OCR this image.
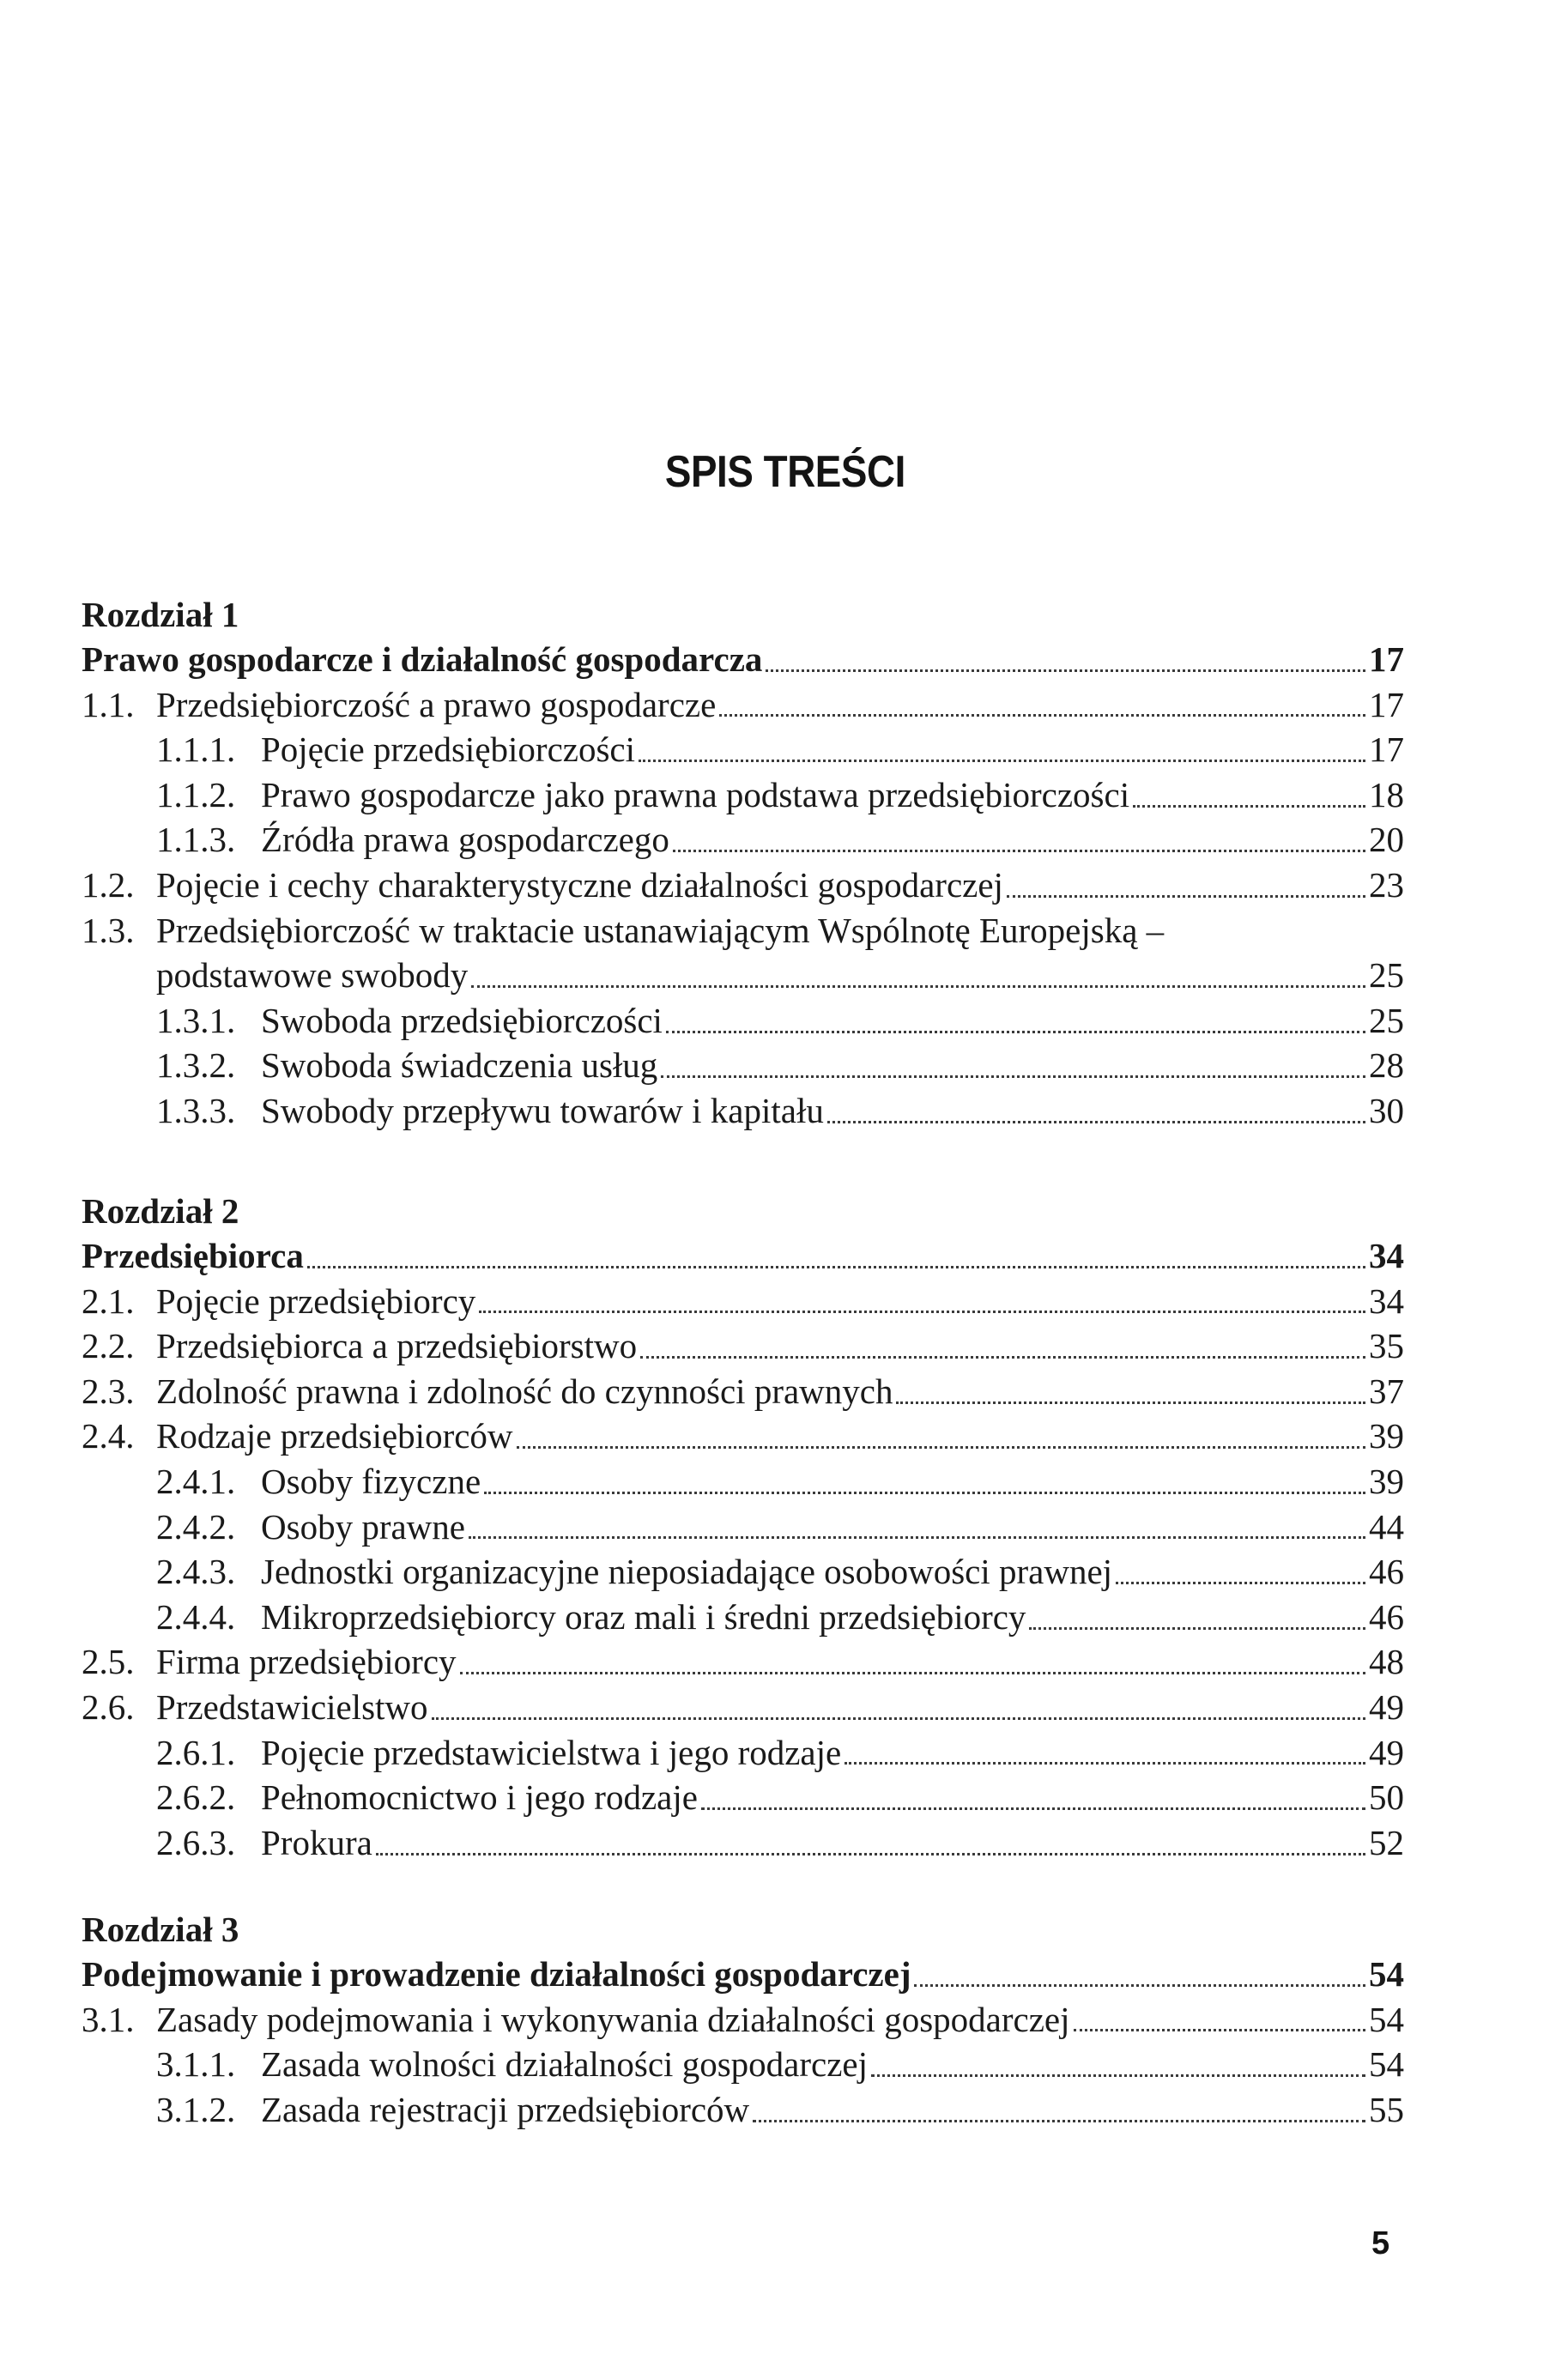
SPIS TREŚCI
Rozdział 1
Prawo gospodarcze i działalność gospodarcza	17
1.1. Przedsiębiorczość a prawo gospodarcze	17
1.1.1. Pojęcie przedsiębiorczości	17
1.1.2. Prawo gospodarcze jako prawna podstawa przedsiębiorczości	18
1.1.3. Źródła prawa gospodarczego	20
1.2. Pojęcie i cechy charakterystyczne działalności gospodarczej	23
1.3. Przedsiębiorczość w traktacie ustanawiającym Wspólnotę Europejską –
podstawowe swobody	25
1.3.1. Swoboda przedsiębiorczości	25
1.3.2. Swoboda świadczenia usług	28
1.3.3. Swobody przepływu towarów i kapitału	30
Rozdział 2
Przedsiębiorca	34
2.1. Pojęcie przedsiębiorcy	34
2.2. Przedsiębiorca a przedsiębiorstwo	35
2.3. Zdolność prawna i zdolność do czynności prawnych	37
2.4. Rodzaje przedsiębiorców	39
2.4.1. Osoby fizyczne	39
2.4.2. Osoby prawne	44
2.4.3. Jednostki organizacyjne nieposiadające osobowości prawnej	46
2.4.4. Mikroprzedsiębiorcy oraz mali i średni przedsiębiorcy	46
2.5. Firma przedsiębiorcy	48
2.6. Przedstawicielstwo	49
2.6.1. Pojęcie przedstawicielstwa i jego rodzaje	49
2.6.2. Pełnomocnictwo i jego rodzaje	50
2.6.3. Prokura	52
Rozdział 3
Podejmowanie i prowadzenie działalności gospodarczej	54
3.1. Zasady podejmowania i wykonywania działalności gospodarczej	54
3.1.1. Zasada wolności działalności gospodarczej	54
3.1.2. Zasada rejestracji przedsiębiorców	55
5
